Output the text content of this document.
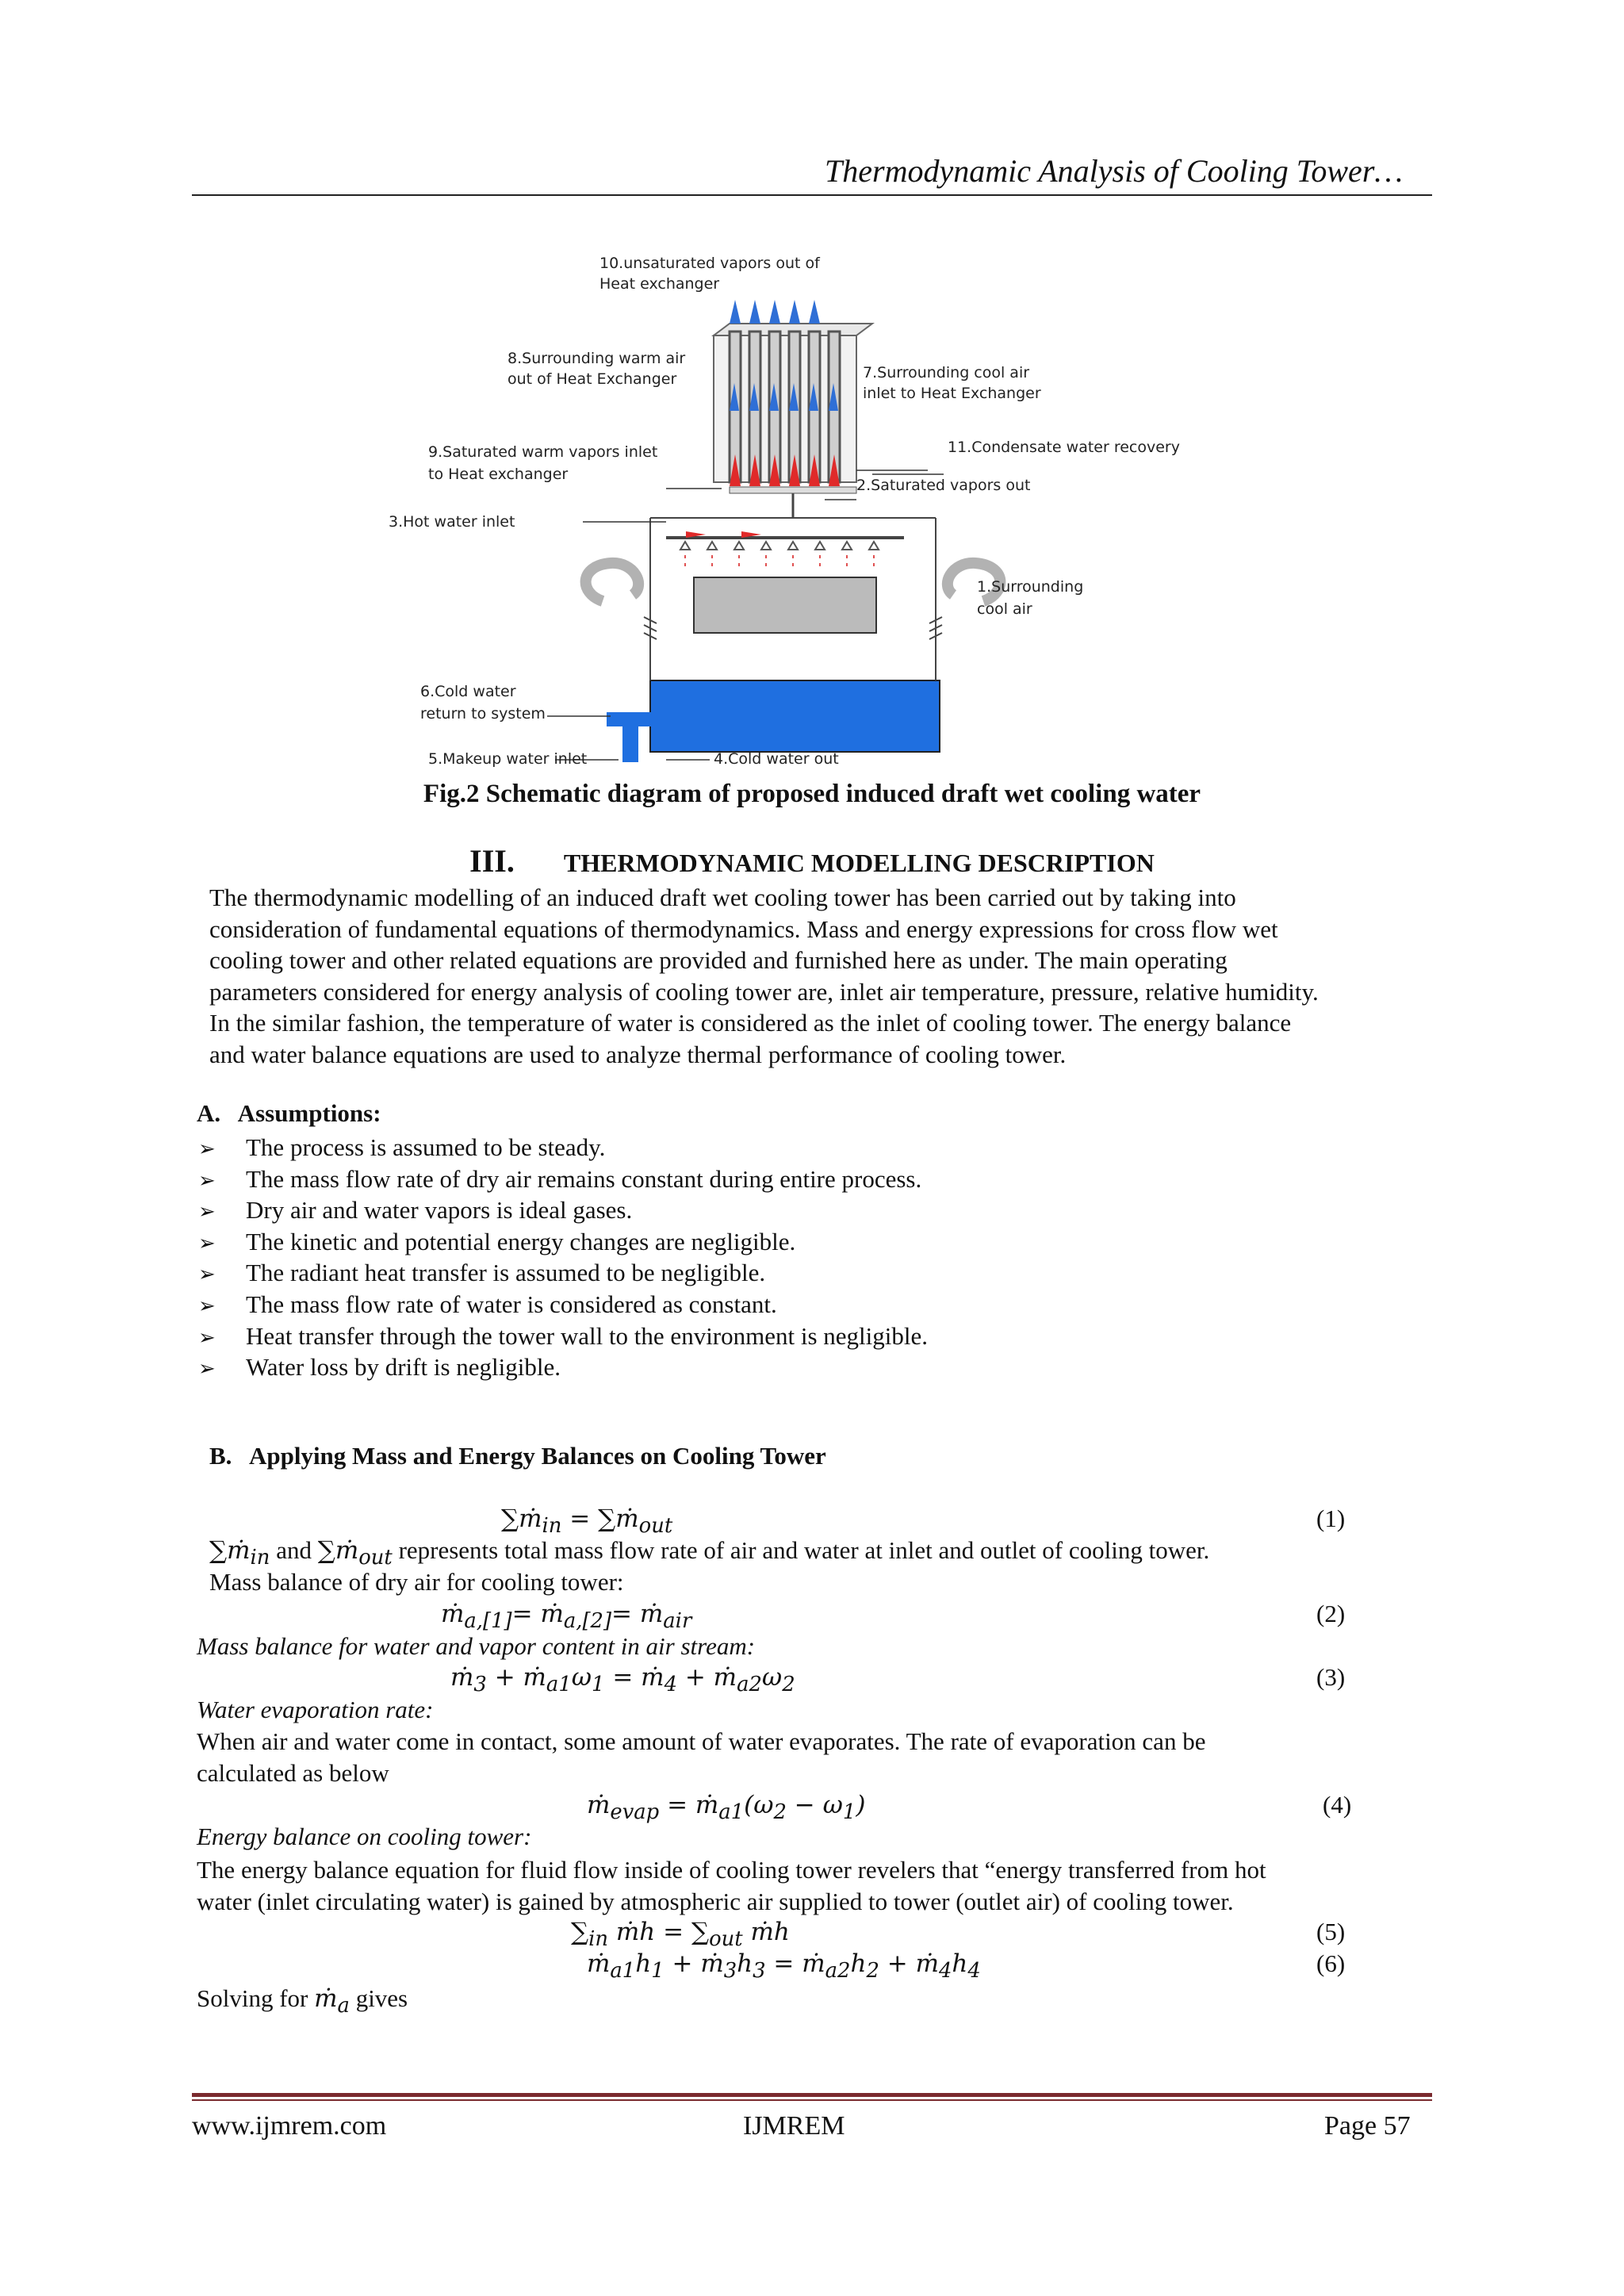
Thermodynamic Analysis of Cooling Tower…
10.unsaturated vapors out of
Heat exchanger
8.Surrounding warm air
out of Heat Exchanger	7.Surrounding cool air
inlet to Heat Exchanger
9.Saturated warm vapors inlet
to Heat exchanger
11.Condensate water recovery
2.Saturated vapors out
3.Hot water inlet
1.Surrounding
cool air
6.Cold water
return to system
5.Makeup water inlet	4.Cold water out
Fig.2 Schematic diagram of proposed induced draft wet cooling water
III. THERMODYNAMIC MODELLING DESCRIPTION
The thermodynamic modelling of an induced draft wet cooling tower has been carried out by taking into
consideration of fundamental equations of thermodynamics. Mass and energy expressions for cross flow wet
cooling tower and other related equations are provided and furnished here as under. The main operating
parameters considered for energy analysis of cooling tower are, inlet air temperature, pressure, relative humidity.
In the similar fashion, the temperature of water is considered as the inlet of cooling tower. The energy balance
and water balance equations are used to analyze thermal performance of cooling tower.
A.   Assumptions:
➢ The process is assumed to be steady.
➢ The mass flow rate of dry air remains constant during entire process.
➢ Dry air and water vapors is ideal gases.
➢ The kinetic and potential energy changes are negligible.
➢ The radiant heat transfer is assumed to be negligible.
➢ The mass flow rate of water is considered as constant.
➢ Heat transfer through the tower wall to the environment is negligible.
➢ Water loss by drift is negligible.
B.   Applying Mass and Energy Balances on Cooling Tower
∑ṁ$_{in}$ = ∑ṁ$_{out}$	(1)
∑ṁ$_{in}$ and ∑ṁ$_{out}$ represents total mass flow rate of air and water at inlet and outlet of cooling tower.
Mass balance of dry air for cooling tower:
ṁ$_{a,[1]}$= ṁ$_{a,[2]}$= ṁ$_{air}$	(2)
Mass balance for water and vapor content in air stream:
ṁ$_3$ + $ṁ_{a1}\omega_1$ = ṁ$_4$ + $ṁ_{a2}\omega_2$	(3)
Water evaporation rate:
When air and water come in contact, some amount of water evaporates. The rate of evaporation can be
calculated as below
ṁ$_{evap}$ = $ṁ_{a1}(\omega_2 - \omega_1)$	(4)
Energy balance on cooling tower:
The energy balance equation for fluid flow inside of cooling tower revelers that “energy transferred from hot
water (inlet circulating water) is gained by atmospheric air supplied to tower (outlet air) of cooling tower.
$\sum_{in}$ ṁh = $\sum_{out}$ ṁh	(5)
$ṁ_{a1}h_1$ + $ṁ_3h_3$ = $ṁ_{a2}h_2$ + $ṁ_4h_4$	(6)
Solving for ṁ$_a$ gives
www.ijmrem.com	IJMREM	Page 57
